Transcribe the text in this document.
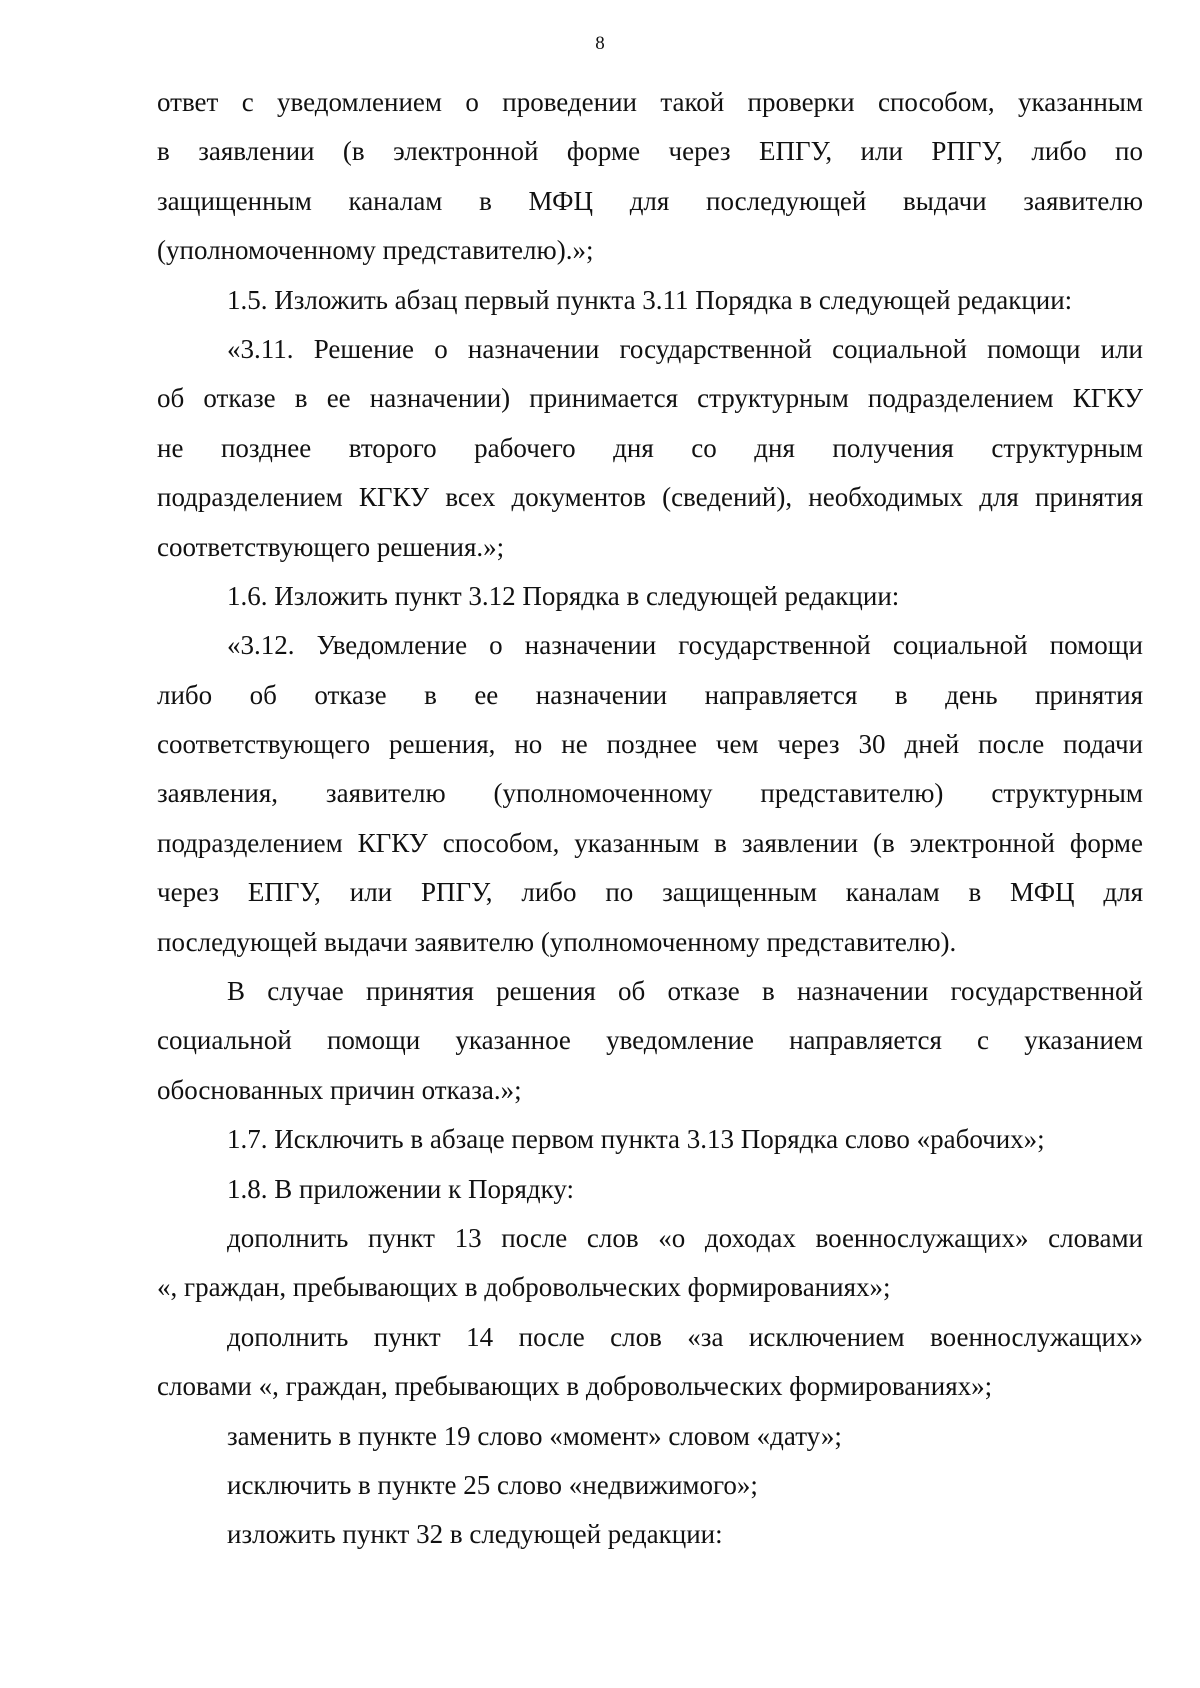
8
ответ с уведомлением о проведении такой проверки способом, указанным
в заявлении (в электронной форме через ЕПГУ, или РПГУ, либо по
защищенным каналам в МФЦ для последующей выдачи заявителю
(уполномоченному представителю).»;
1.5. Изложить абзац первый пункта 3.11 Порядка в следующей редакции:
«3.11. Решение о назначении государственной социальной помощи или
об отказе в ее назначении) принимается структурным подразделением КГКУ
не позднее второго рабочего дня со дня получения структурным
подразделением КГКУ всех документов (сведений), необходимых для принятия
соответствующего решения.»;
1.6. Изложить пункт 3.12 Порядка в следующей редакции:
«3.12. Уведомление о назначении государственной социальной помощи
либо об отказе в ее назначении направляется в день принятия
соответствующего решения, но не позднее чем через 30 дней после подачи
заявления, заявителю (уполномоченному представителю) структурным
подразделением КГКУ способом, указанным в заявлении (в электронной форме
через ЕПГУ, или РПГУ, либо по защищенным каналам в МФЦ для
последующей выдачи заявителю (уполномоченному представителю).
В случае принятия решения об отказе в назначении государственной
социальной помощи указанное уведомление направляется с указанием
обоснованных причин отказа.»;
1.7. Исключить в абзаце первом пункта 3.13 Порядка слово «рабочих»;
1.8. В приложении к Порядку:
дополнить пункт 13 после слов «о доходах военнослужащих» словами
«, граждан, пребывающих в добровольческих формированиях»;
дополнить пункт 14 после слов «за исключением военнослужащих»
словами «, граждан, пребывающих в добровольческих формированиях»;
заменить в пункте 19 слово «момент» словом «дату»;
исключить в пункте 25 слово «недвижимого»;
изложить пункт 32 в следующей редакции:
